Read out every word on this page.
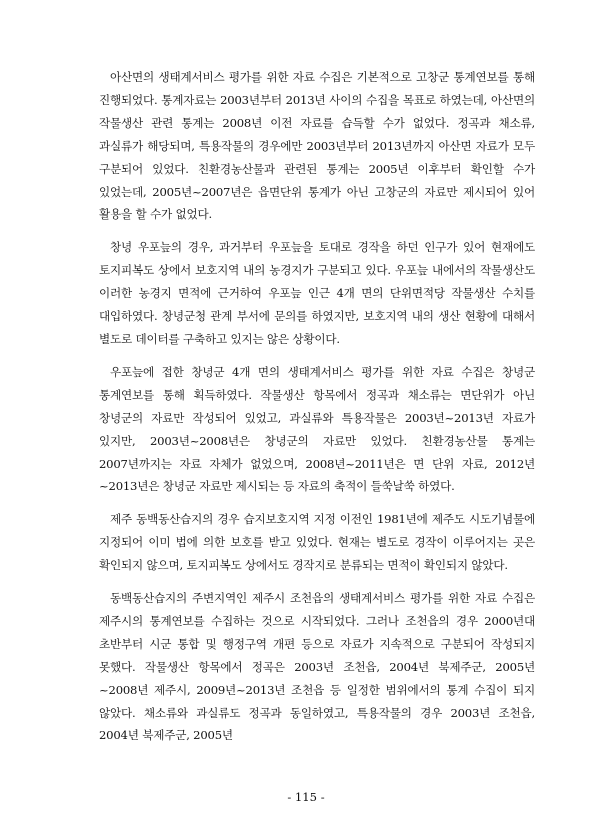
아산면의 생태계서비스 평가를 위한 자료 수집은 기본적으로 고창군 통계연보를 통해 진행되었다. 통계자료는 2003년부터 2013년 사이의 수집을 목표로 하였는데, 아산면의 작물생산 관련 통계는 2008년 이전 자료를 습득할 수가 없었다. 정곡과 채소류, 과실류가 해당되며, 특용작물의 경우에만 2003년부터 2013년까지 아산면 자료가 모두 구분되어 있었다. 친환경농산물과 관련된 통계는 2005년 이후부터 확인할 수가 있었는데, 2005년~2007년은 읍면단위 통계가 아닌 고창군의 자료만 제시되어 있어 활용을 할 수가 없었다.

창녕 우포늪의 경우, 과거부터 우포늪을 토대로 경작을 하던 인구가 있어 현재에도 토지피복도 상에서 보호지역 내의 농경지가 구분되고 있다. 우포늪 내에서의 작물생산도 이러한 농경지 면적에 근거하여 우포늪 인근 4개 면의 단위면적당 작물생산 수치를 대입하였다. 창녕군청 관계 부서에 문의를 하였지만, 보호지역 내의 생산 현황에 대해서 별도로 데이터를 구축하고 있지는 않은 상황이다.

우포늪에 접한 창녕군 4개 면의 생태계서비스 평가를 위한 자료 수집은 창녕군 통계연보를 통해 획득하였다. 작물생산 항목에서 정곡과 채소류는 면단위가 아닌 창녕군의 자료만 작성되어 있었고, 과실류와 특용작물은 2003년~2013년 자료가 있지만, 2003년~2008년은 창녕군의 자료만 있었다. 친환경농산물 통계는 2007년까지는 자료 자체가 없었으며, 2008년~2011년은 면 단위 자료, 2012년~2013년은 창녕군 자료만 제시되는 등 자료의 축적이 들쑥날쑥 하였다.

제주 동백동산습지의 경우 습지보호지역 지정 이전인 1981년에 제주도 시도기념물에 지정되어 이미 법에 의한 보호를 받고 있었다. 현재는 별도로 경작이 이루어지는 곳은 확인되지 않으며, 토지피복도 상에서도 경작지로 분류되는 면적이 확인되지 않았다.

동백동산습지의 주변지역인 제주시 조천읍의 생태계서비스 평가를 위한 자료 수집은 제주시의 통계연보를 수집하는 것으로 시작되었다. 그러나 조천읍의 경우 2000년대 초반부터 시군 통합 및 행정구역 개편 등으로 자료가 지속적으로 구분되어 작성되지 못했다. 작물생산 항목에서 정곡은 2003년 조천읍, 2004년 북제주군, 2005년~2008년 제주시, 2009년~2013년 조천읍 등 일정한 범위에서의 통계 수집이 되지 않았다. 채소류와 과실류도 정곡과 동일하였고, 특용작물의 경우 2003년 조천읍, 2004년 북제주군, 2005년

- 115 -
